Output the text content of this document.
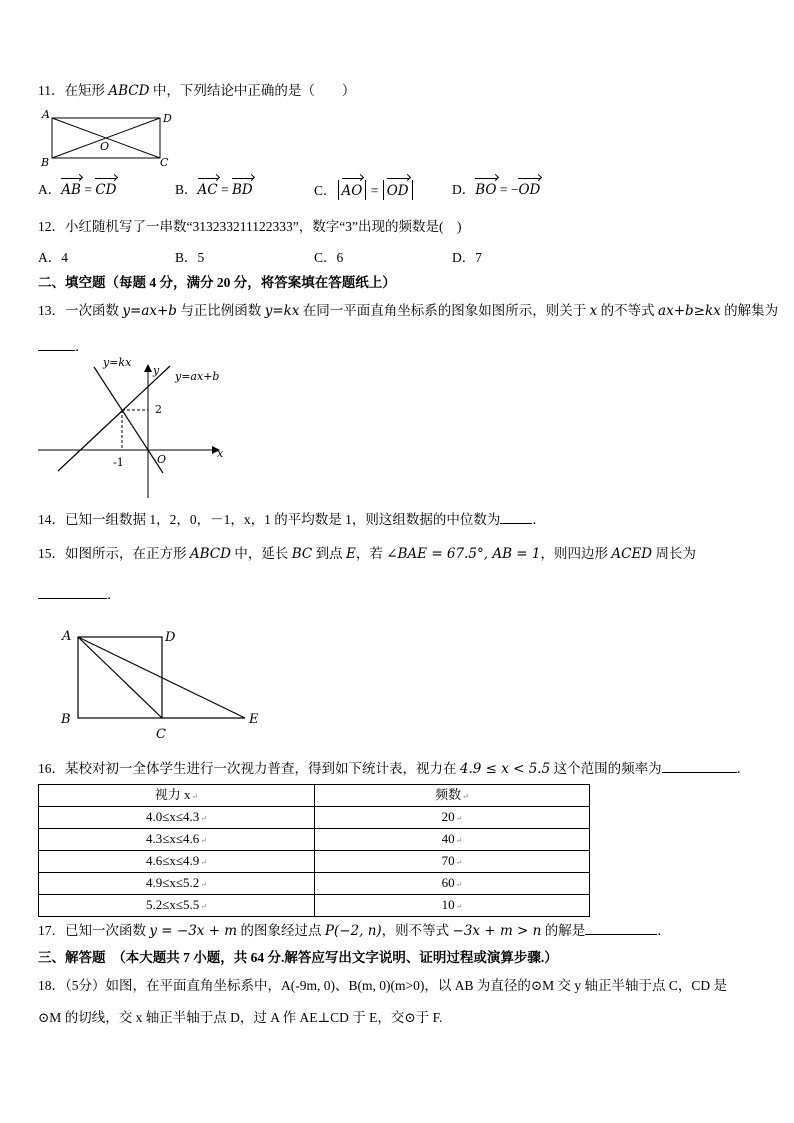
11．在矩形 ABCD 中，下列结论中正确的是（　　）
A	D
B	C
O
A．AB = CD	B．AC = BD	C． AO = OD	D．BO = −OD
12．小红随机写了一串数“313233211122333”，数字“3”出现的频数是(　)
A．4	B．5	C．6	D．7
二、填空题（每题 4 分，满分 20 分，将答案填在答题纸上）
13．一次函数 y=ax+b 与正比例函数 y=kx 在同一平面直角坐标系的图象如图所示，则关于 x 的不等式 ax+b≥kx 的解集为
．
y=kx
y=ax+b
y
x
O
-1
2
14．已知一组数据 1，2，0，－1，x，1 的平均数是 1，则这组数据的中位数为 ．
15．如图所示，在正方形 ABCD 中，延长 BC 到点 E，若 ∠BAE = 67.5°, AB = 1，则四边形 ACED 周长为
．
A	D
B
C
E
16．某校对初一全体学生进行一次视力普查，得到如下统计表，视力在 4.9 ≤ x < 5.5 这个范围的频率为	．
视力 x ↵	频数 ↵
4.0≤x≤4.3 ↵	20 ↵
4.3≤x≤4.6 ↵	40 ↵
4.6≤x≤4.9 ↵	70 ↵
4.9≤x≤5.2 ↵	60 ↵
5.2≤x≤5.5 ↵	10 ↵
17．已知一次函数 y = −3x + m 的图象经过点 P(−2, n)，则不等式 −3x + m > n 的解是	．
三、解答题　（本大题共 7 小题，共 64 分.解答应写出文字说明、证明过程或演算步骤.）
18．（5分）如图，在平面直角坐标系中，A(-9m, 0)、B(m, 0)(m>0)，以 AB 为直径的⊙M 交 y 轴正半轴于点 C，CD 是
⊙M 的切线，交 x 轴正半轴于点 D，过 A 作 AE⊥CD 于 E，交⊙于 F.
